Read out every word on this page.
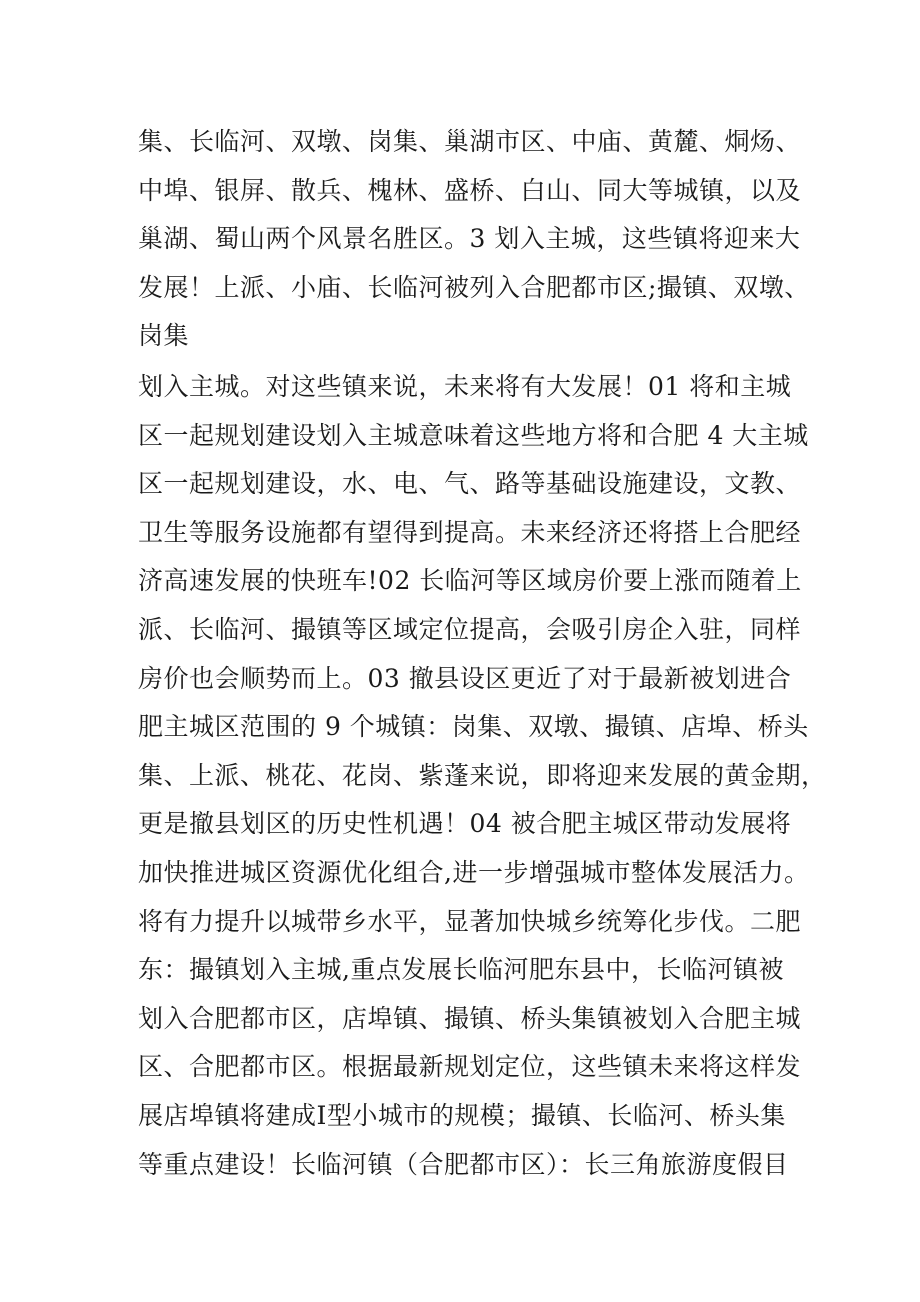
集、长临河、双墩、岗集、巢湖市区、中庙、黄麓、烔炀、
中埠、银屏、散兵、槐林、盛桥、白山、同大等城镇，以及
巢湖、蜀山两个风景名胜区。3 划入主城，这些镇将迎来大
发展！上派、小庙、长临河被列入合肥都市区;撮镇、双墩、
岗集
划入主城。对这些镇来说，未来将有大发展！01 将和主城
区一起规划建设划入主城意味着这些地方将和合肥 4 大主城
区一起规划建设，水、电、气、路等基础设施建设，文教、
卫生等服务设施都有望得到提高。未来经济还将搭上合肥经
济高速发展的快班车!02 长临河等区域房价要上涨而随着上
派、长临河、撮镇等区域定位提高，会吸引房企入驻，同样
房价也会顺势而上。03 撤县设区更近了对于最新被划进合
肥主城区范围的 9 个城镇：岗集、双墩、撮镇、店埠、桥头
集、上派、桃花、花岗、紫蓬来说，即将迎来发展的黄金期，
更是撤县划区的历史性机遇！04 被合肥主城区带动发展将
加快推进城区资源优化组合,进一步增强城市整体发展活力。
将有力提升以城带乡水平，显著加快城乡统筹化步伐。二肥
东：撮镇划入主城,重点发展长临河肥东县中，长临河镇被
划入合肥都市区，店埠镇、撮镇、桥头集镇被划入合肥主城
区、合肥都市区。根据最新规划定位，这些镇未来将这样发
展店埠镇将建成Ⅰ型小城市的规模；撮镇、长临河、桥头集
等重点建设！长临河镇（合肥都市区）：长三角旅游度假目
